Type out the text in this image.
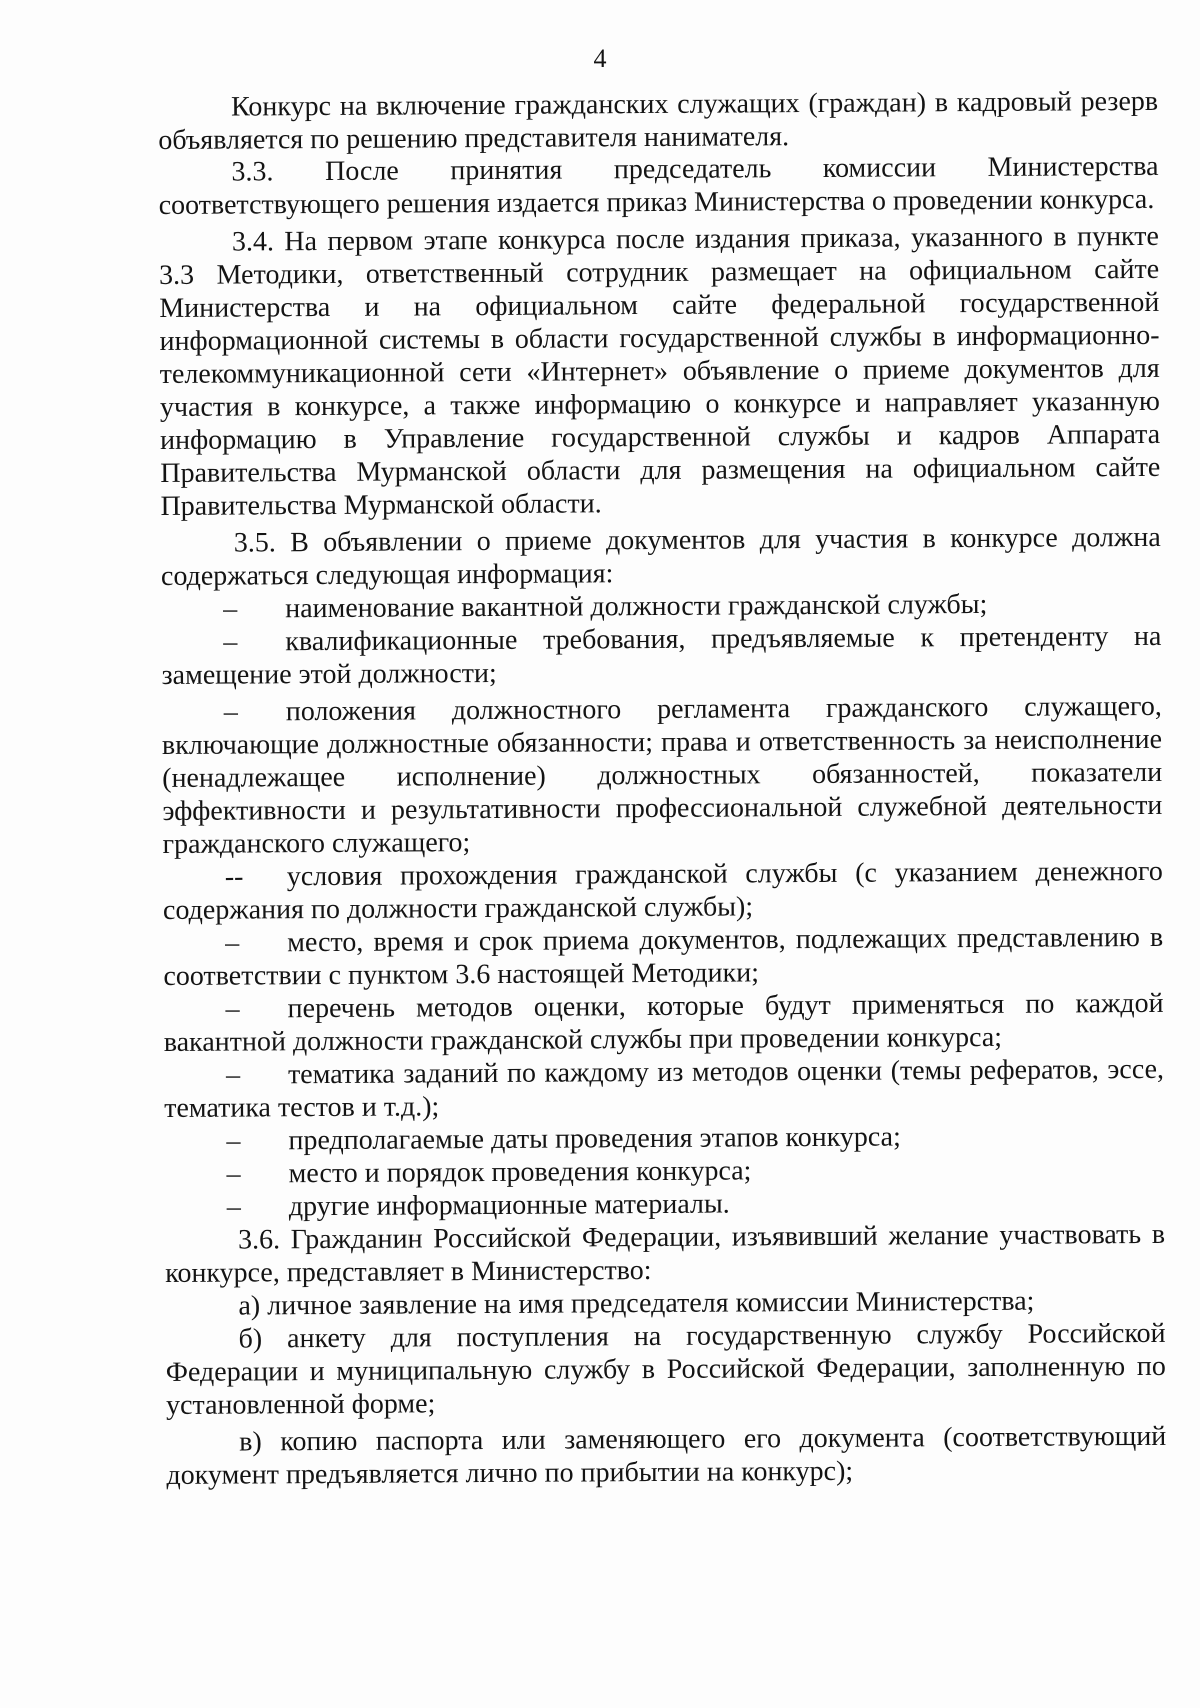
4

Конкурс на включение гражданских служащих (граждан) в кадровый резерв объявляется по решению представителя нанимателя.

3.3. После принятия председатель комиссии Министерства соответствующего решения издается приказ Министерства о проведении конкурса.

3.4. На первом этапе конкурса после издания приказа, указанного в пункте 3.3 Методики, ответственный сотрудник размещает на официальном сайте Министерства и на официальном сайте федеральной государственной информационной системы в области государственной службы в информационно-телекоммуникационной сети «Интернет» объявление о приеме документов для участия в конкурсе, а также информацию о конкурсе и направляет указанную информацию в Управление государственной службы и кадров Аппарата Правительства Мурманской области для размещения на официальном сайте Правительства Мурманской области.

3.5. В объявлении о приеме документов для участия в конкурсе должна содержаться следующая информация:

– наименование вакантной должности гражданской службы;

– квалификационные требования, предъявляемые к претенденту на замещение этой должности;

– положения должностного регламента гражданского служащего, включающие должностные обязанности; права и ответственность за неисполнение (ненадлежащее исполнение) должностных обязанностей, показатели эффективности и результативности профессиональной служебной деятельности гражданского служащего;

-- условия прохождения гражданской службы (с указанием денежного содержания по должности гражданской службы);

– место, время и срок приема документов, подлежащих представлению в соответствии с пунктом 3.6 настоящей Методики;

– перечень методов оценки, которые будут применяться по каждой вакантной должности гражданской службы при проведении конкурса;

– тематика заданий по каждому из методов оценки (темы рефератов, эссе, тематика тестов и т.д.);

– предполагаемые даты проведения этапов конкурса;

– место и порядок проведения конкурса;

– другие информационные материалы.

3.6. Гражданин Российской Федерации, изъявивший желание участвовать в конкурсе, представляет в Министерство:

а) личное заявление на имя председателя комиссии Министерства;

б) анкету для поступления на государственную службу Российской Федерации и муниципальную службу в Российской Федерации, заполненную по установленной форме;

в) копию паспорта или заменяющего его документа (соответствующий документ предъявляется лично по прибытии на конкурс);
